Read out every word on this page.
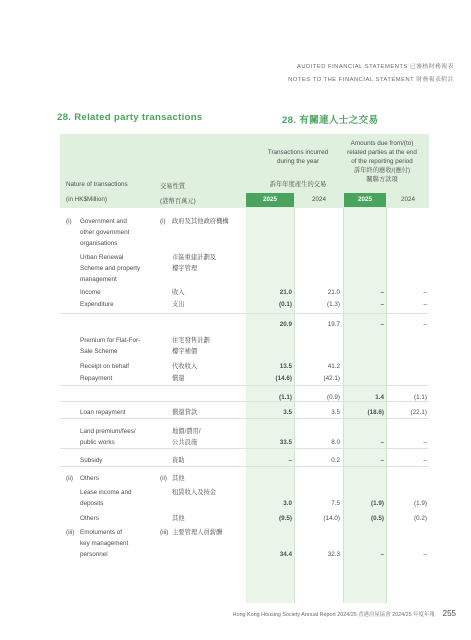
AUDITED FINANCIAL STATEMENTS 已審核財務報表
NOTES TO THE FINANCIAL STATEMENT 財務報表附註
28. Related party transactions	28. 有關連人士之交易
Transactions incurred
during the year
訴年年度產生的交易
Amounts due from/(to)
related parties at the end
of the reporting period
訴年終的應收/(應付)
關聯方款項
Nature of transactions	交易性質
(in HK$Million)	(港幣百萬元)	2025	2024	2025	2024
(i) Government and	(i) 政府及其他政府機構
other government
organisations
Urban Renewal	市區重建計劃及
Scheme and property	樓宇管理
management
Income	收入	21.0	21.0	–	–
Expenditure	支出	(0.1)	(1.3)	–	–
20.9	19.7	–	–
Premium for Flat-For-	住宅發售計劃
Sale Scheme	樓宇補價
Receipt on behalf	代收收入	13.5	41.2
Repayment	償還	(14.6)	(42.1)
(1.1)	(0.9)	1.4	(1.1)
Loan repayment	償還貸款	3.5	3.5	(18.6)	(22.1)
Land premium/fees/	地價/費用/
public works	公共設施	33.5	8.0	–	–
Subsidy	資助	–	0.2	–	–
(ii) Others	(ii) 其他
Lease income and	租賃收入及按金
deposits	3.0	7.5	(1.9)	(1.9)
Others	其他	(9.5)	(14.0)	(0.5)	(0.2)
(iii) Emoluments of	(iii) 主要管理人員薪酬
key management
personnel	34.4	32.3	–	–
Hong Kong Housing Society Annual Report 2024/25 香港房屋協會 2024/25 年度年報 255
